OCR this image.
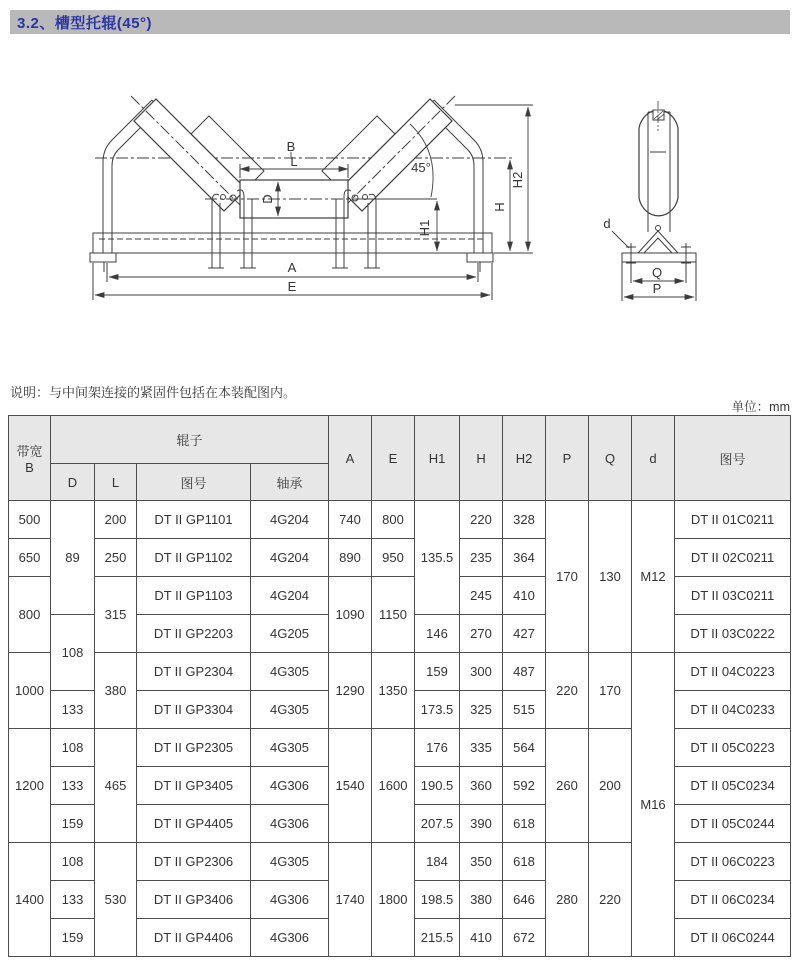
3.2、槽型托辊(45°)
B
L
D
45°
H1
H
H2
A
E
d
Q
P
说明：与中间架连接的紧固件包括在本装配图内。
单位：mm
带宽
B	辊子				A	E	H1	H	H2	P	Q	d	图号
	D	L	图号	轴承									
500	89	200	DT II GP1101	4G204	740	800	135.5	220	328	170	130	M12	DT II 01C0211
650		250	DT II GP1102	4G204	890	950		235	364				DT II 02C0211
800		315	DT II GP1103	4G204	1090	1150		245	410				DT II 03C0211
	108		DT II GP2203	4G205			146	270	427				DT II 03C0222
1000		380	DT II GP2304	4G305	1290	1350	159	300	487	220	170	M16	DT II 04C0223
	133		DT II GP3304	4G305			173.5	325	515				DT II 04C0233
1200	108	465	DT II GP2305	4G305	1540	1600	176	335	564	260	200		DT II 05C0223
	133		DT II GP3405	4G306			190.5	360	592				DT II 05C0234
	159		DT II GP4405	4G306			207.5	390	618				DT II 05C0244
1400	108	530	DT II GP2306	4G305	1740	1800	184	350	618	280	220		DT II 06C0223
	133		DT II GP3406	4G306			198.5	380	646				DT II 06C0234
	159		DT II GP4406	4G306			215.5	410	672				DT II 06C0244
